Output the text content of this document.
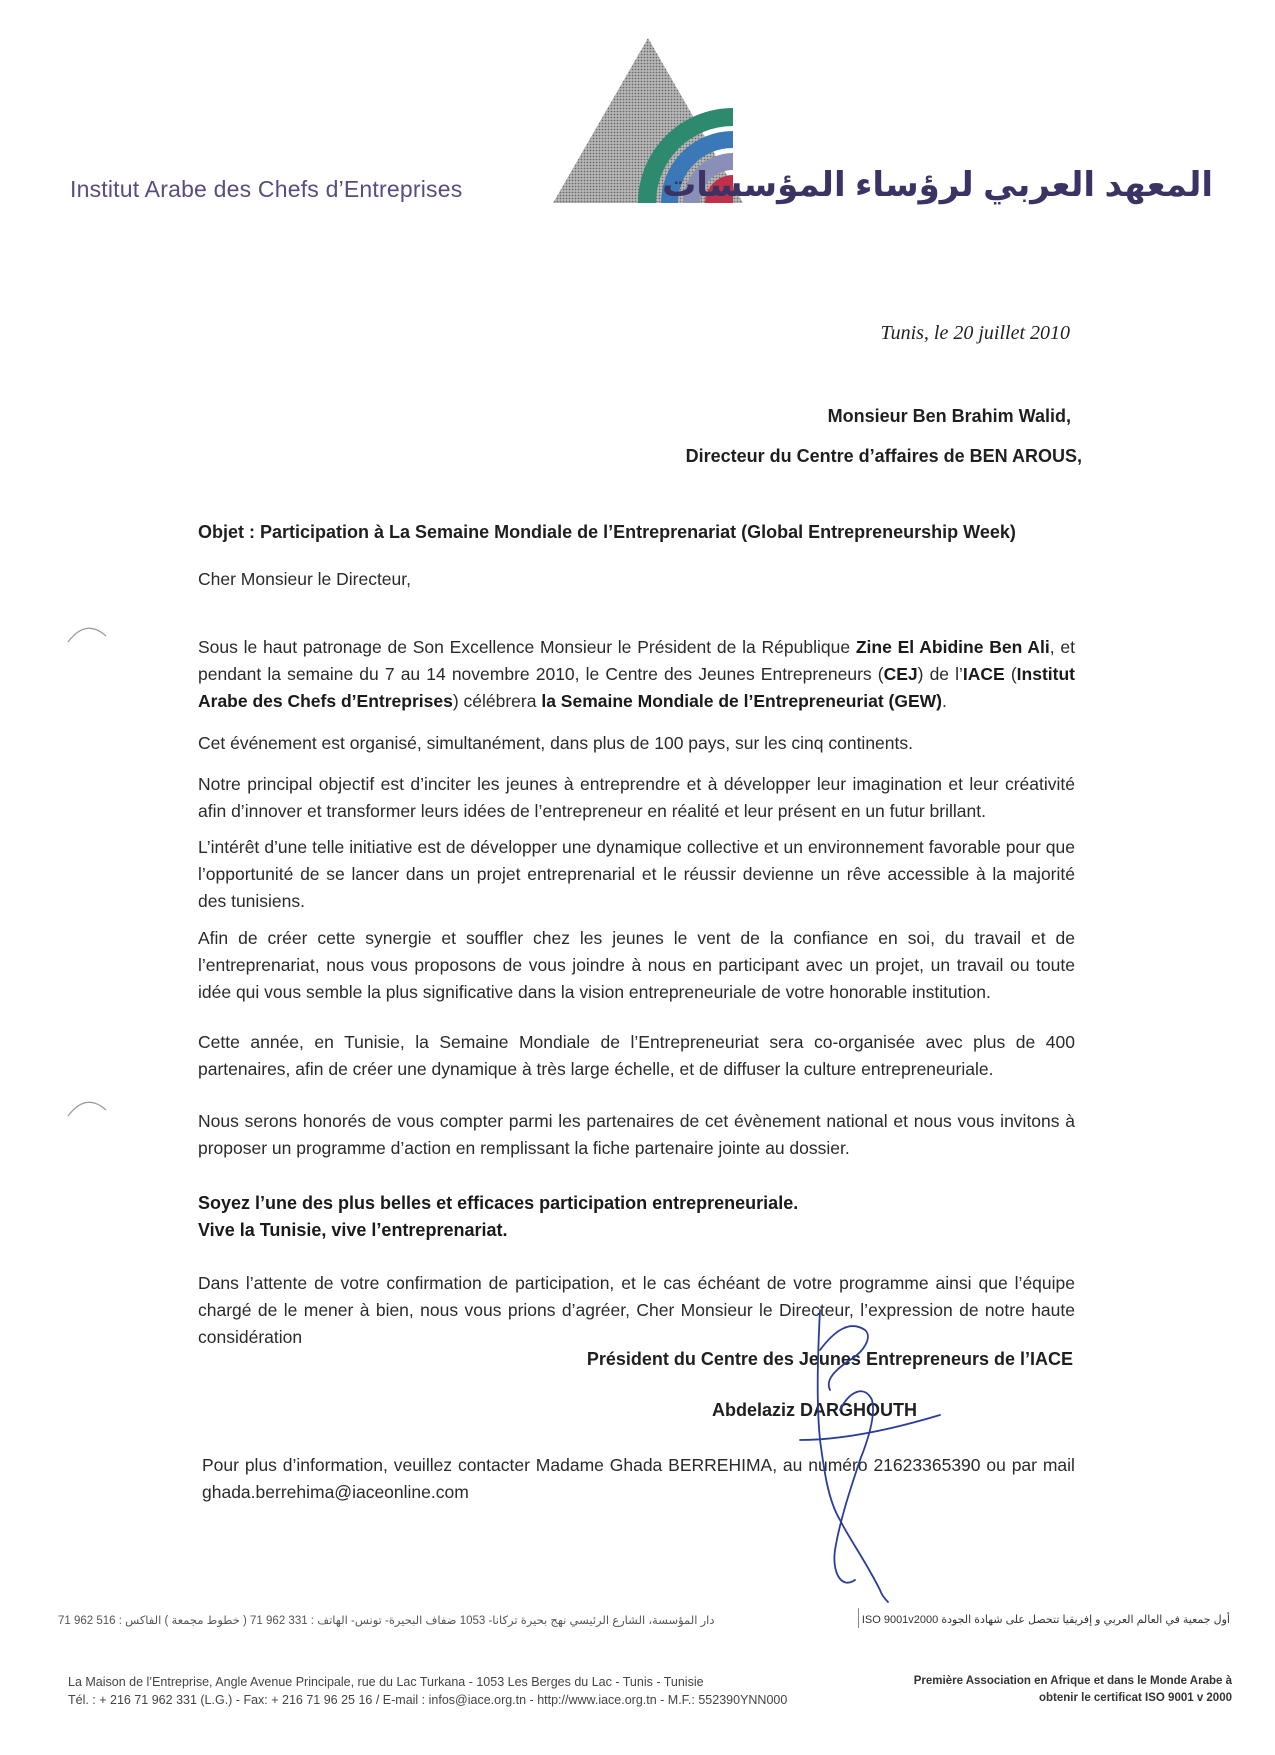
Institut Arabe des Chefs d’Entreprises	المعهد العربي لرؤساء المؤسسات
Tunis, le 20 juillet 2010
Monsieur Ben Brahim Walid,
Directeur du Centre d’affaires de BEN AROUS,
Objet : Participation à La Semaine Mondiale de l’Entreprenariat (Global Entrepreneurship Week)
Cher Monsieur le Directeur,
Sous le haut patronage de Son Excellence Monsieur le Président de la République Zine El Abidine Ben Ali, et pendant la semaine du 7 au 14 novembre 2010, le Centre des Jeunes Entrepreneurs (CEJ) de l’IACE (Institut Arabe des Chefs d’Entreprises) célébrera la Semaine Mondiale de l’Entrepreneuriat (GEW).
Cet événement est organisé, simultanément, dans plus de 100 pays, sur les cinq continents.
Notre principal objectif est d’inciter les jeunes à entreprendre et à développer leur imagination et leur créativité afin d’innover et transformer leurs idées de l’entrepreneur en réalité et leur présent en un futur brillant.
L’intérêt d’une telle initiative est de développer une dynamique collective et un environnement favorable pour que l’opportunité de se lancer dans un projet entreprenarial et le réussir devienne un rêve accessible à la majorité des tunisiens.
Afin de créer cette synergie et souffler chez les jeunes le vent de la confiance en soi, du travail et de l’entreprenariat, nous vous proposons de vous joindre à nous en participant avec un projet, un travail ou toute idée qui vous semble la plus significative dans la vision entrepreneuriale de votre honorable institution.
Cette année, en Tunisie, la Semaine Mondiale de l’Entrepreneuriat sera co-organisée avec plus de 400 partenaires, afin de créer une dynamique à très large échelle, et de diffuser la culture entrepreneuriale.
Nous serons honorés de vous compter parmi les partenaires de cet évènement national et nous vous invitons à proposer un programme d’action en remplissant la fiche partenaire jointe au dossier.
Soyez l’une des plus belles et efficaces participation entrepreneuriale.
Vive la Tunisie, vive l’entreprenariat.
Dans l’attente de votre confirmation de participation, et le cas échéant de votre programme ainsi que l’équipe chargé de le mener à bien, nous vous prions d’agréer, Cher Monsieur le Directeur, l’expression de notre haute considération
Président du Centre des Jeunes Entrepreneurs de l’IACE
Abdelaziz DARGHOUTH
Pour plus d’information, veuillez contacter Madame Ghada BERREHIMA, au numéro 21623365390 ou par mail
ghada.berrehima@iaceonline.com
دار المؤسسة، الشارع الرئيسي نهج بحيرة تركانا- 1053 ضفاف البحيرة- تونس- الهاتف : 331 962 71 ( خطوط مجمعة ) الفاكس : 516 962 71	أول جمعية في العالم العربي و إفريقيا تتحصل على شهادة الجودة ISO 9001v2000
La Maison de l’Entreprise, Angle Avenue Principale, rue du Lac Turkana - 1053 Les Berges du Lac - Tunis - Tunisie
Tél. : + 216 71 962 331 (L.G.) - Fax: + 216 71 96 25 16 / E-mail : infos@iace.org.tn - http://www.iace.org.tn - M.F.: 552390YNN000
Première Association en Afrique et dans le Monde Arabe à
obtenir le certificat ISO 9001 v 2000
